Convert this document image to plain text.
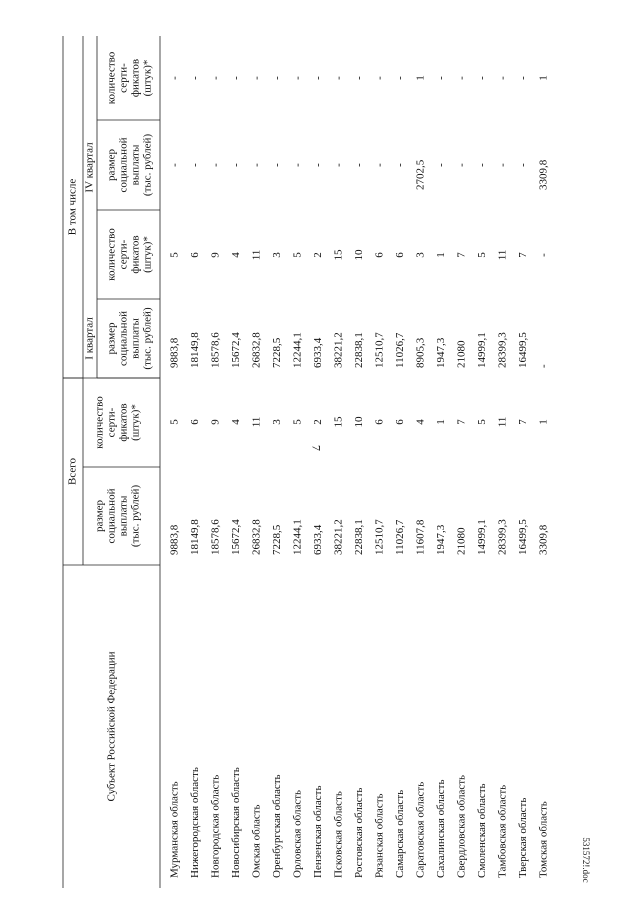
7
531572!.doc
Субъект Российской Федерации
Всего
В том числе
I квартал
IV квартал
размер социальной выплаты (тыс. рублей)
количество серти- фикатов (штук)*
размер социальной выплаты (тыс. рублей)
количество серти- фикатов (штук)*
размер социальной выплаты (тыс. рублей)
количество серти- фикатов (штук)*
Мурманская область
9883,8
5
9883,8
5
-
-
Нижегородская область
18149,8
6
18149,8
6
-
-
Новгородская область
18578,6
9
18578,6
9
-
-
Новосибирская область
15672,4
4
15672,4
4
-
-
Омская область
26832,8
11
26832,8
11
-
-
Оренбургская область
7228,5
3
7228,5
3
-
-
Орловская область
12244,1
5
12244,1
5
-
-
Пензенская область
6933,4
2
6933,4
2
-
-
Псковская область
38221,2
15
38221,2
15
-
-
Ростовская область
22838,1
10
22838,1
10
-
-
Рязанская область
12510,7
6
12510,7
6
-
-
Самарская область
11026,7
6
11026,7
6
-
-
Саратовская область
11607,8
4
8905,3
3
2702,5
1
Сахалинская область
1947,3
1
1947,3
1
-
-
Свердловская область
21080
7
21080
7
-
-
Смоленская область
14999,1
5
14999,1
5
-
-
Тамбовская область
28399,3
11
28399,3
11
-
-
Тверская область
16499,5
7
16499,5
7
-
-
Томская область
3309,8
1
-
-
3309,8
1
